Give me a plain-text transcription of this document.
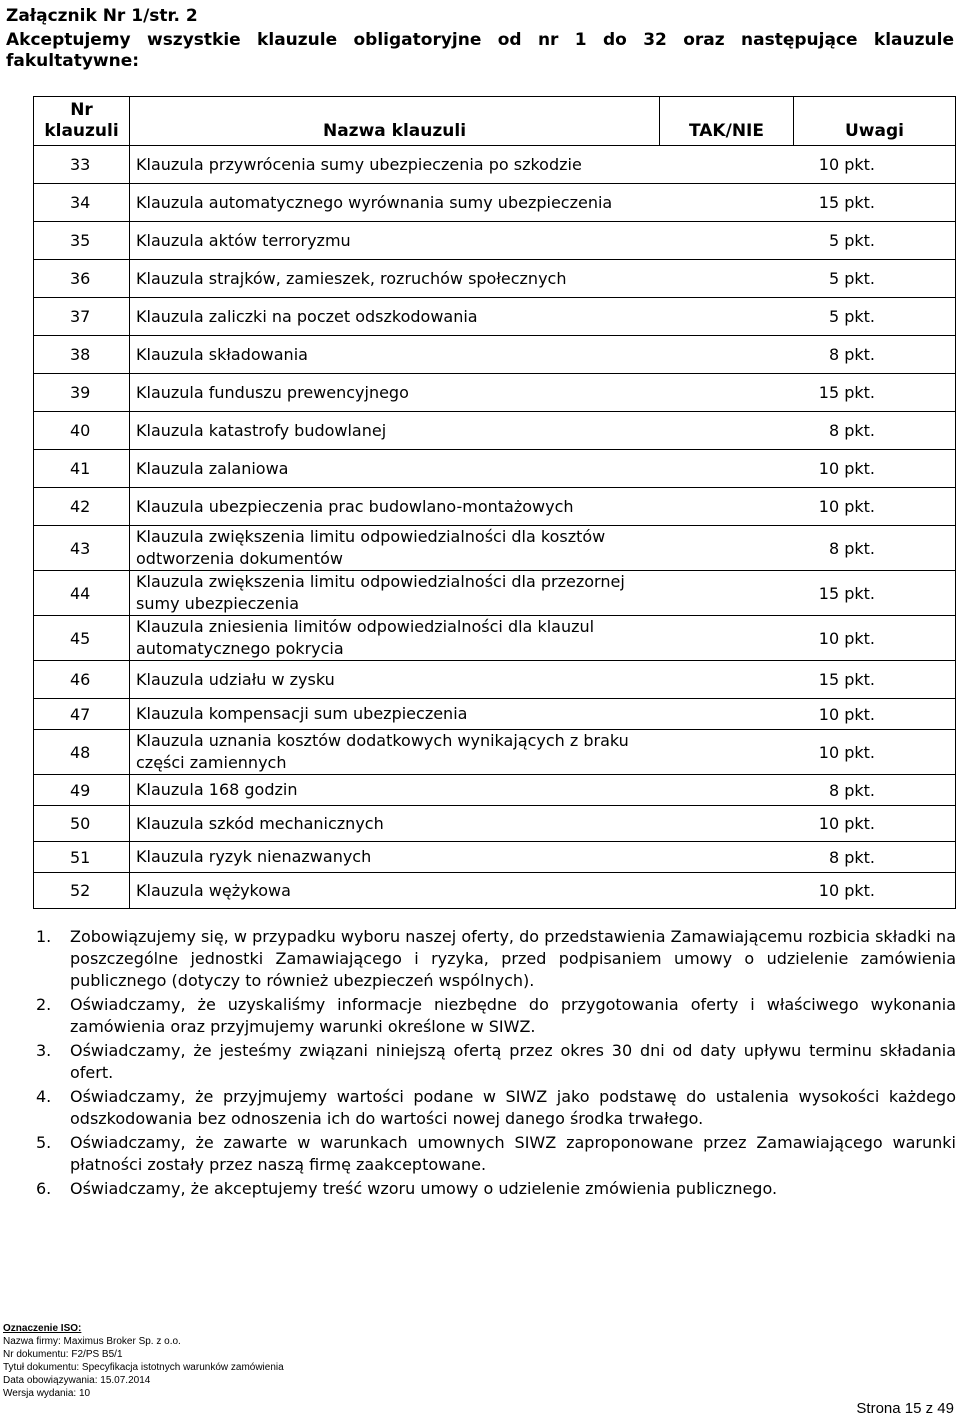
Załącznik Nr 1/str. 2
Akceptujemy wszystkie klauzule obligatoryjne od nr 1 do 32 oraz następujące klauzule fakultatywne:
Nr klauzuli	Nazwa klauzuli	TAK/NIE	Uwagi
33	Klauzula przywrócenia sumy ubezpieczenia po szkodzie		10 pkt.
34	Klauzula automatycznego wyrównania sumy ubezpieczenia		15 pkt.
35	Klauzula aktów terroryzmu		5 pkt.
36	Klauzula strajków, zamieszek, rozruchów społecznych		5 pkt.
37	Klauzula zaliczki na poczet odszkodowania		5 pkt.
38	Klauzula składowania		8 pkt.
39	Klauzula funduszu prewencyjnego		15 pkt.
40	Klauzula katastrofy budowlanej		8 pkt.
41	Klauzula zalaniowa		10 pkt.
42	Klauzula ubezpieczenia prac budowlano-montażowych		10 pkt.
43	Klauzula zwiększenia limitu odpowiedzialności dla kosztów odtworzenia dokumentów		8 pkt.
44	Klauzula zwiększenia limitu odpowiedzialności dla przezornej sumy ubezpieczenia		15 pkt.
45	Klauzula zniesienia limitów odpowiedzialności dla klauzul automatycznego pokrycia		10 pkt.
46	Klauzula udziału w zysku		15 pkt.
47	Klauzula kompensacji sum ubezpieczenia		10 pkt.
48	Klauzula uznania kosztów dodatkowych wynikających z braku części zamiennych		10 pkt.
49	Klauzula 168 godzin		8 pkt.
50	Klauzula szkód mechanicznych		10 pkt.
51	Klauzula ryzyk nienazwanych		8 pkt.
52	Klauzula wężykowa		10 pkt.
1. Zobowiązujemy się, w przypadku wyboru naszej oferty, do przedstawienia Zamawiającemu rozbicia składki na poszczególne jednostki Zamawiającego i ryzyka, przed podpisaniem umowy o udzielenie zamówienia publicznego (dotyczy to również ubezpieczeń wspólnych).
2. Oświadczamy, że uzyskaliśmy informacje niezbędne do przygotowania oferty i właściwego wykonania zamówienia oraz przyjmujemy warunki określone w SIWZ.
3. Oświadczamy, że jesteśmy związani niniejszą ofertą przez okres 30 dni od daty upływu terminu składania ofert.
4. Oświadczamy, że przyjmujemy wartości podane w SIWZ jako podstawę do ustalenia wysokości każdego odszkodowania bez odnoszenia ich do wartości nowej danego środka trwałego.
5. Oświadczamy, że zawarte w warunkach umownych SIWZ zaproponowane przez Zamawiającego warunki płatności zostały przez naszą firmę zaakceptowane.
6. Oświadczamy, że akceptujemy treść wzoru umowy o udzielenie zmówienia publicznego.
Oznaczenie ISO:
Nazwa firmy: Maximus Broker Sp. z o.o.
Nr dokumentu: F2/PS B5/1
Tytuł dokumentu: Specyfikacja istotnych warunków zamówienia
Data obowiązywania: 15.07.2014
Wersja wydania: 10
Strona 15 z 49
